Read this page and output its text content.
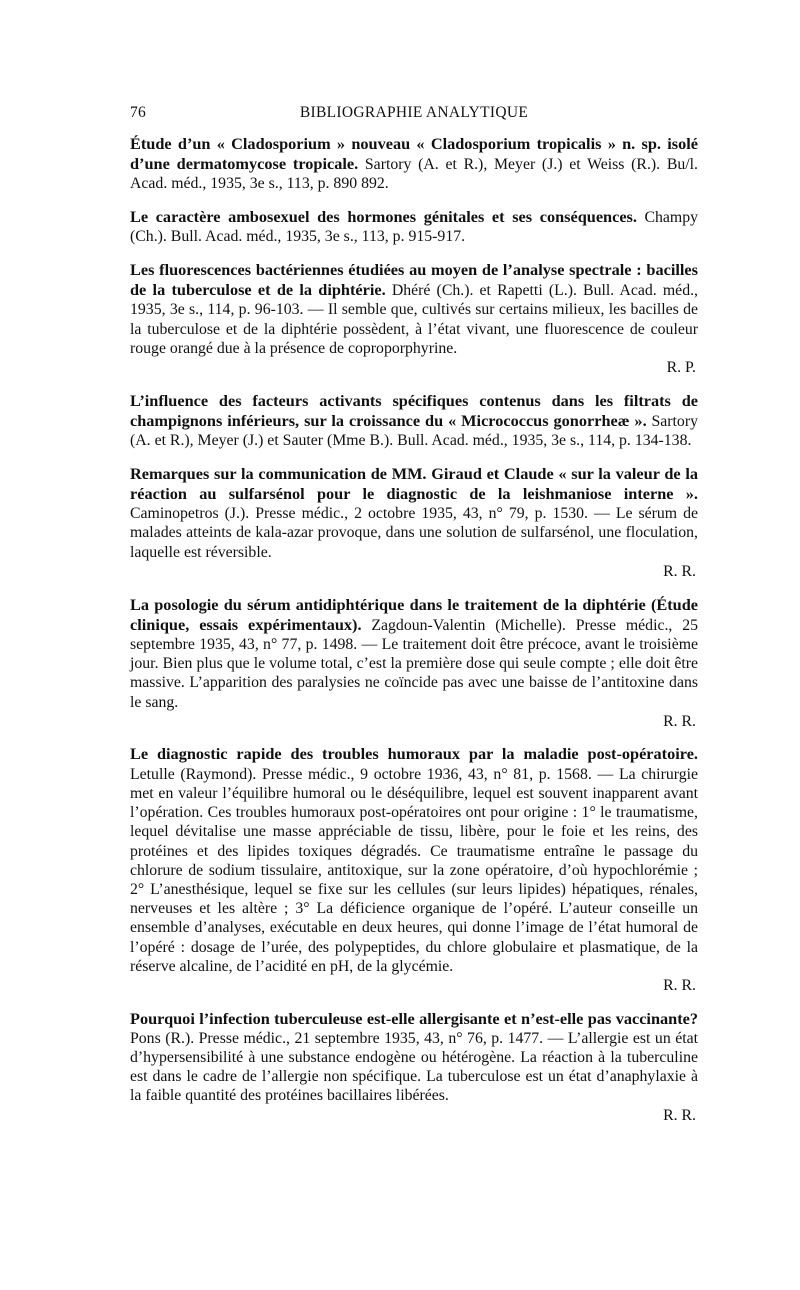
76	BIBLIOGRAPHIE ANALYTIQUE

Étude d’un « Cladosporium » nouveau « Cladosporium tropicalis » n. sp. isolé d’une dermatomycose tropicale. Sartory (A. et R.), Meyer (J.) et Weiss (R.). Bu/l. Acad. méd., 1935, 3e s., 113, p. 890 892.

Le caractère ambosexuel des hormones génitales et ses conséquences. Champy (Ch.). Bull. Acad. méd., 1935, 3e s., 113, p. 915-917.

Les fluorescences bactériennes étudiées au moyen de l’analyse spectrale : bacilles de la tuberculose et de la diphtérie. Dhéré (Ch.). et Rapetti (L.). Bull. Acad. méd., 1935, 3e s., 114, p. 96-103. — Il semble que, cultivés sur certains milieux, les bacilles de la tuberculose et de la diphtérie possèdent, à l’état vivant, une fluorescence de couleur rouge orangé due à la présence de coproporphyrine.
R. P.

L’influence des facteurs activants spécifiques contenus dans les filtrats de champignons inférieurs, sur la croissance du « Micrococcus gonorrheæ ». Sartory (A. et R.), Meyer (J.) et Sauter (Mme B.). Bull. Acad. méd., 1935, 3e s., 114, p. 134-138.

Remarques sur la communication de MM. Giraud et Claude « sur la valeur de la réaction au sulfarsénol pour le diagnostic de la leishmaniose interne ». Caminopetros (J.). Presse médic., 2 octobre 1935, 43, n° 79, p. 1530. — Le sérum de malades atteints de kala-azar provoque, dans une solution de sulfarsénol, une floculation, laquelle est réversible.
R. R.

La posologie du sérum antidiphtérique dans le traitement de la diphtérie (Étude clinique, essais expérimentaux). Zagdoun-Valentin (Michelle). Presse médic., 25 septembre 1935, 43, n° 77, p. 1498. — Le traitement doit être précoce, avant le troisième jour. Bien plus que le volume total, c’est la première dose qui seule compte ; elle doit être massive. L’apparition des paralysies ne coïncide pas avec une baisse de l’antitoxine dans le sang.
R. R.

Le diagnostic rapide des troubles humoraux par la maladie post-opératoire. Letulle (Raymond). Presse médic., 9 octobre 1936, 43, n° 81, p. 1568. — La chirurgie met en valeur l’équilibre humoral ou le déséquilibre, lequel est souvent inapparent avant l’opération. Ces troubles humoraux post-opératoires ont pour origine : 1° le traumatisme, lequel dévitalise une masse appréciable de tissu, libère, pour le foie et les reins, des protéines et des lipides toxiques dégradés. Ce traumatisme entraîne le passage du chlorure de sodium tissulaire, antitoxique, sur la zone opératoire, d’où hypochlorémie ; 2° L’anesthésique, lequel se fixe sur les cellules (sur leurs lipides) hépatiques, rénales, nerveuses et les altère ; 3° La déficience organique de l’opéré. L’auteur conseille un ensemble d’analyses, exécutable en deux heures, qui donne l’image de l’état humoral de l’opéré : dosage de l’urée, des polypeptides, du chlore globulaire et plasmatique, de la réserve alcaline, de l’acidité en pH, de la glycémie.
R. R.

Pourquoi l’infection tuberculeuse est-elle allergisante et n’est-elle pas vaccinante? Pons (R.). Presse médic., 21 septembre 1935, 43, n° 76, p. 1477. — L’allergie est un état d’hypersensibilité à une substance endogène ou hétérogène. La réaction à la tuberculine est dans le cadre de l’allergie non spécifique. La tuberculose est un état d’anaphylaxie à la faible quantité des protéines bacillaires libérées.
R. R.
